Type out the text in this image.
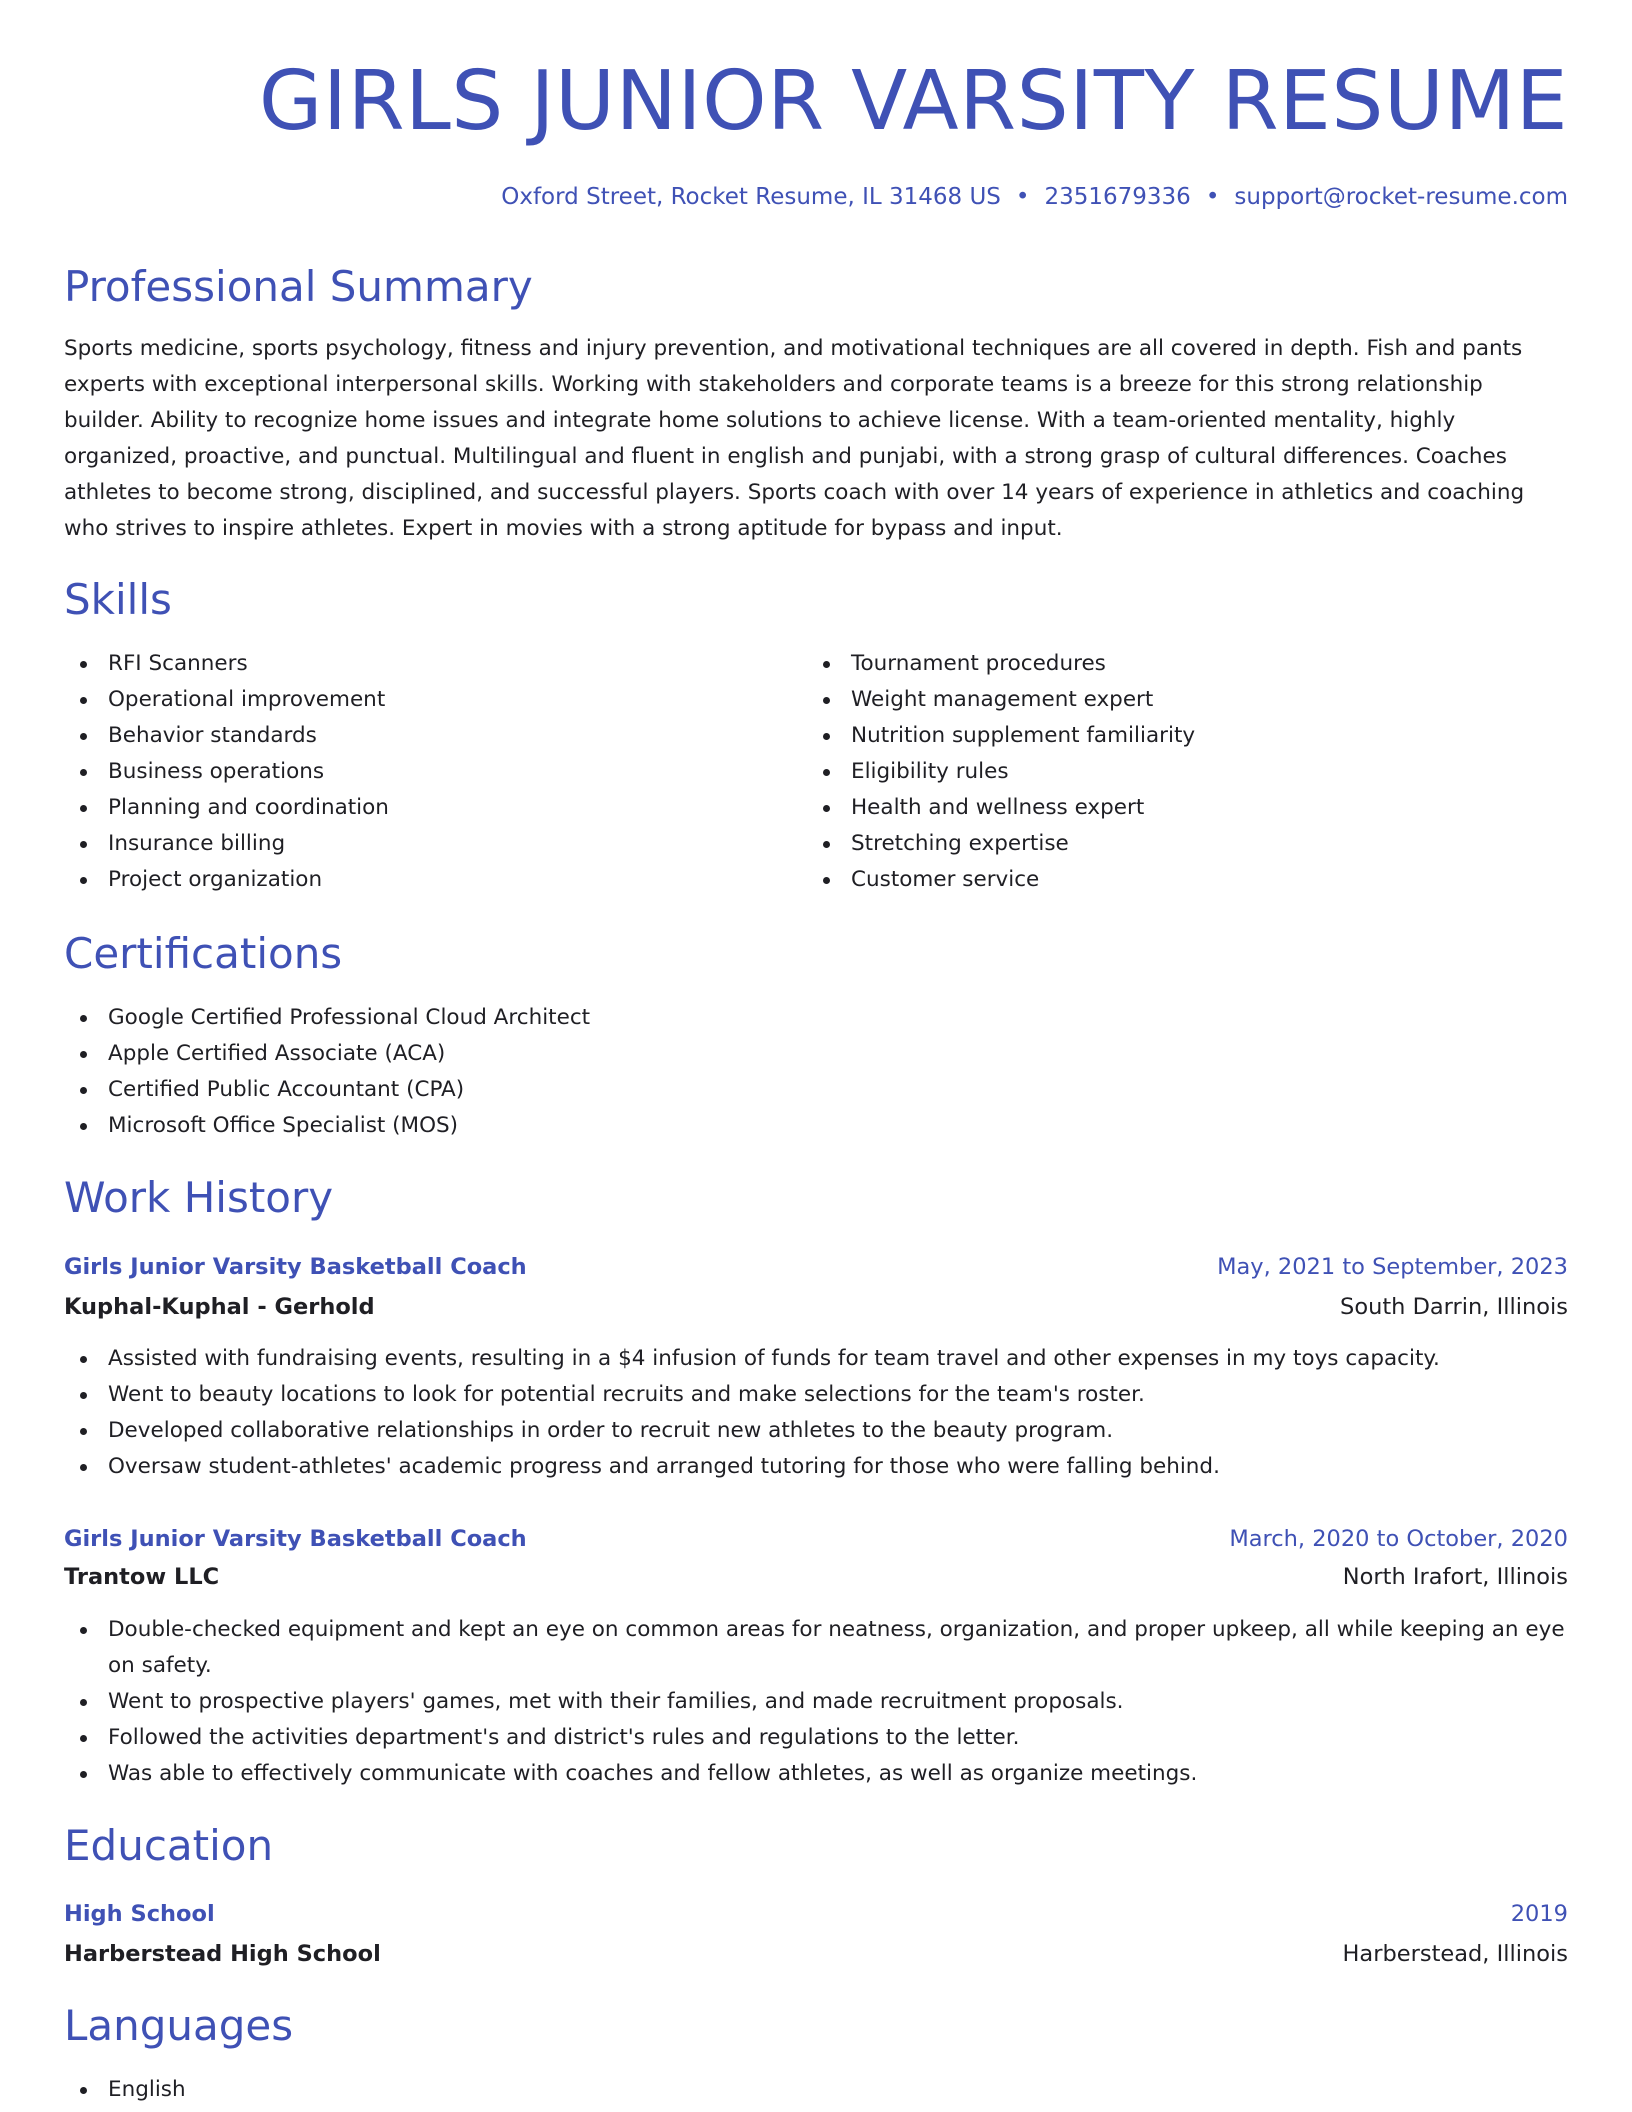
GIRLS JUNIOR VARSITY RESUME
Oxford Street, Rocket Resume, IL 31468 US • 2351679336 • support@rocket-resume.com
Professional Summary

Sports medicine, sports psychology, fitness and injury prevention, and motivational techniques are all covered in depth. Fish and pants experts with exceptional interpersonal skills. Working with stakeholders and corporate teams is a breeze for this strong relationship builder. Ability to recognize home issues and integrate home solutions to achieve license. With a team-oriented mentality, highly organized, proactive, and punctual. Multilingual and fluent in english and punjabi, with a strong grasp of cultural differences. Coaches athletes to become strong, disciplined, and successful players. Sports coach with over 14 years of experience in athletics and coaching who strives to inspire athletes. Expert in movies with a strong aptitude for bypass and input.

Skills
RFI Scanners
Operational improvement
Behavior standards
Business operations
Planning and coordination
Insurance billing
Project organization
Tournament procedures
Weight management expert
Nutrition supplement familiarity
Eligibility rules
Health and wellness expert
Stretching expertise
Customer service
Certifications
Google Certified Professional Cloud Architect
Apple Certified Associate (ACA)
Certified Public Accountant (CPA)
Microsoft Office Specialist (MOS)
Work History
Girls Junior Varsity Basketball Coach	May, 2021 to September, 2023
Kuphal-Kuphal - Gerhold	South Darrin, Illinois
Assisted with fundraising events, resulting in a $4 infusion of funds for team travel and other expenses in my toys capacity.
Went to beauty locations to look for potential recruits and make selections for the team's roster.
Developed collaborative relationships in order to recruit new athletes to the beauty program.
Oversaw student-athletes' academic progress and arranged tutoring for those who were falling behind.
Girls Junior Varsity Basketball Coach	March, 2020 to October, 2020
Trantow LLC	North Irafort, Illinois
Double-checked equipment and kept an eye on common areas for neatness, organization, and proper upkeep, all while keeping an eye on safety.
Went to prospective players' games, met with their families, and made recruitment proposals.
Followed the activities department's and district's rules and regulations to the letter.
Was able to effectively communicate with coaches and fellow athletes, as well as organize meetings.
Education
High School	2019
Harberstead High School	Harberstead, Illinois
Languages
English
